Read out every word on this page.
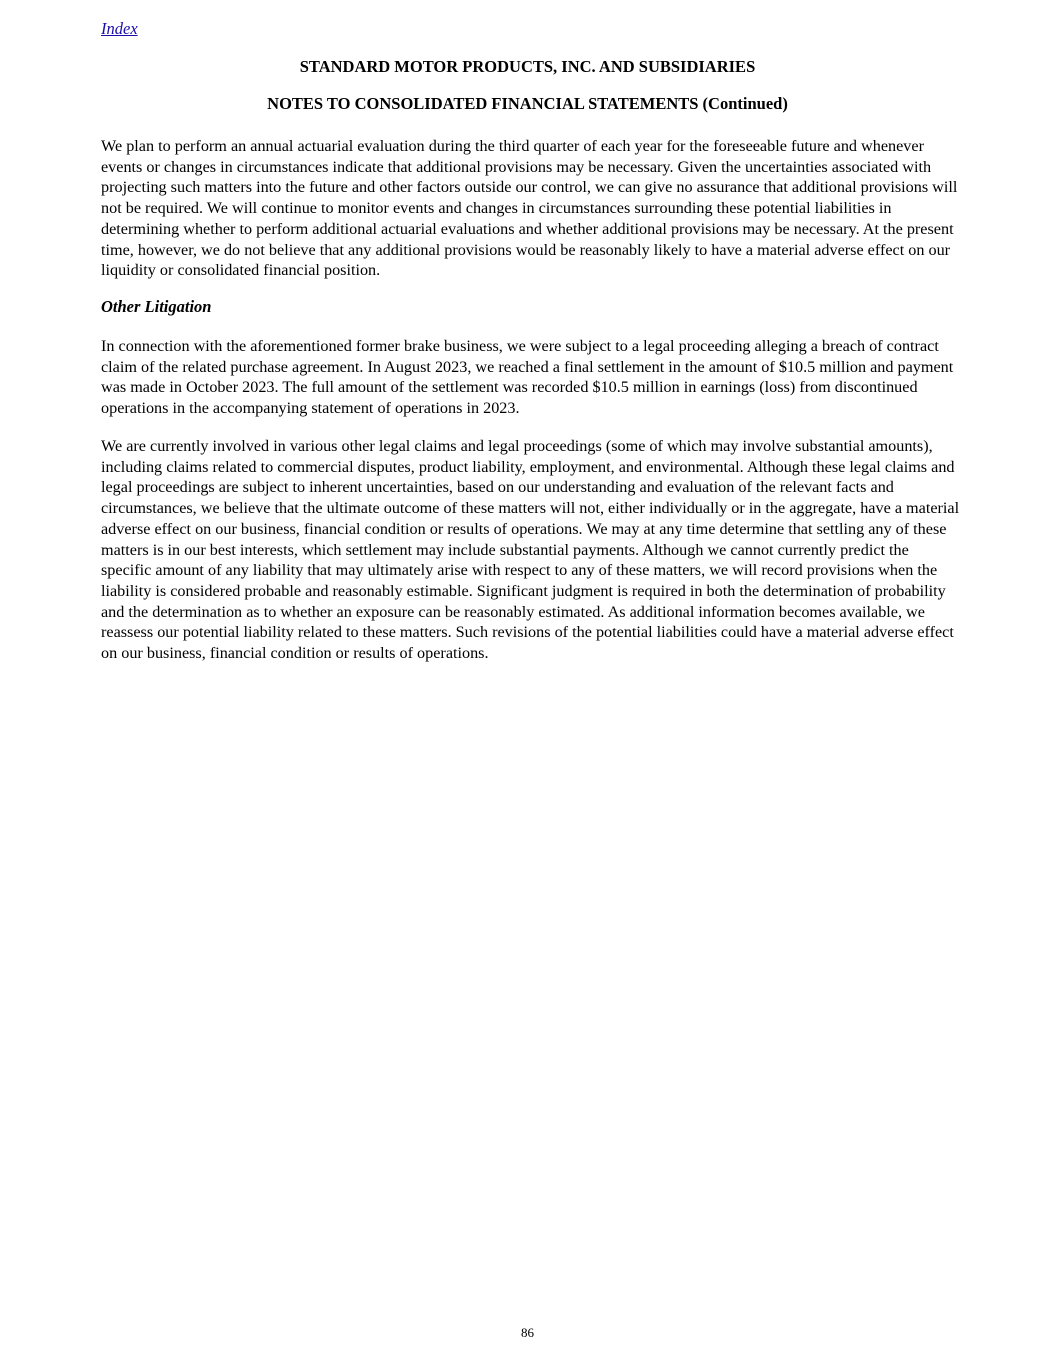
Index
STANDARD MOTOR PRODUCTS, INC. AND SUBSIDIARIES
NOTES TO CONSOLIDATED FINANCIAL STATEMENTS (Continued)

We plan to perform an annual actuarial evaluation during the third quarter of each year for the foreseeable future and whenever events or changes in circumstances indicate that additional provisions may be necessary. Given the uncertainties associated with projecting such matters into the future and other factors outside our control, we can give no assurance that additional provisions will not be required. We will continue to monitor events and changes in circumstances surrounding these potential liabilities in determining whether to perform additional actuarial evaluations and whether additional provisions may be necessary. At the present time, however, we do not believe that any additional provisions would be reasonably likely to have a material adverse effect on our liquidity or consolidated financial position.

Other Litigation

In connection with the aforementioned former brake business, we were subject to a legal proceeding alleging a breach of contract claim of the related purchase agreement. In August 2023, we reached a final settlement in the amount of $10.5 million and payment was made in October 2023. The full amount of the settlement was recorded $10.5 million in earnings (loss) from discontinued operations in the accompanying statement of operations in 2023.

We are currently involved in various other legal claims and legal proceedings (some of which may involve substantial amounts), including claims related to commercial disputes, product liability, employment, and environmental. Although these legal claims and legal proceedings are subject to inherent uncertainties, based on our understanding and evaluation of the relevant facts and circumstances, we believe that the ultimate outcome of these matters will not, either individually or in the aggregate, have a material adverse effect on our business, financial condition or results of operations. We may at any time determine that settling any of these matters is in our best interests, which settlement may include substantial payments. Although we cannot currently predict the specific amount of any liability that may ultimately arise with respect to any of these matters, we will record provisions when the liability is considered probable and reasonably estimable. Significant judgment is required in both the determination of probability and the determination as to whether an exposure can be reasonably estimated. As additional information becomes available, we reassess our potential liability related to these matters. Such revisions of the potential liabilities could have a material adverse effect on our business, financial condition or results of operations.

86
